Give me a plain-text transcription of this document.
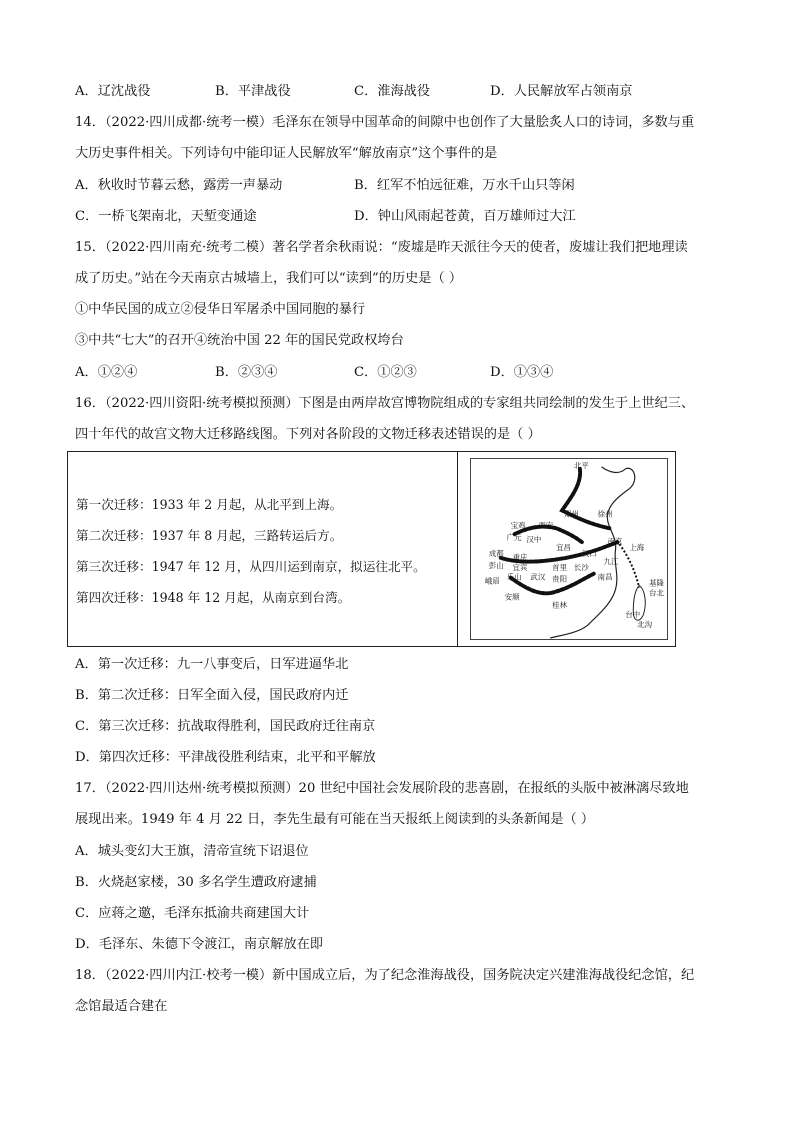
A．辽沈战役	B．平津战役	C．淮海战役	D．人民解放军占领南京
14．（2022·四川成都·统考一模）毛泽东在领导中国革命的间隙中也创作了大量脍炙人口的诗词，多数与重
大历史事件相关。下列诗句中能印证人民解放军“解放南京”这个事件的是
A．秋收时节暮云愁，露雳一声暴动	B．红军不怕远征难，万水千山只等闲
C．一桥飞架南北，天堑变通途	D．钟山风雨起苍黄，百万雄师过大江
15．（2022·四川南充·统考二模）著名学者余秋雨说：“废墟是昨天派往今天的使者，废墟让我们把地理读
成了历史。”站在今天南京古城墙上，我们可以“读到”的历史是（ ）
①中华民国的成立②侵华日军屠杀中国同胞的暴行
③中共“七大”的召开④统治中国 22 年的国民党政权垮台
A．①②④	B．②③④	C．①②③	D．①③④
16．（2022·四川资阳·统考模拟预测）下图是由两岸故宫博物院组成的专家组共同绘制的发生于上世纪三、
四十年代的故宫文物大迁移路线图。下列对各阶段的文物迁移表述错误的是（ ）
第一次迁移：1933 年 2 月起，从北平到上海。
第二次迁移：1937 年 8 月起，三路转运后方。
第三次迁移：1947 年 12 月，从四川运到南京，拟运往北平。
第四次迁移：1948 年 12 月起，从南京到台湾。
北平
郑州	徐州
宝鸡 西安
南京
上海
广元 汉中
宜昌
汉口
成都 重庆	九江
彭山 宜宾
乐山
长沙
武汉
首里
南昌
峨眉	贵阳
安顺
桂林
基隆
台北
台中
北沟
A．第一次迁移：九一八事变后，日军进逼华北
B．第二次迁移：日军全面入侵，国民政府内迁
C．第三次迁移：抗战取得胜利，国民政府迁往南京
D．第四次迁移：平津战役胜利结束，北平和平解放
17．（2022·四川达州·统考模拟预测）20 世纪中国社会发展阶段的悲喜剧，在报纸的头版中被淋漓尽致地
展现出来。1949 年 4 月 22 日，李先生最有可能在当天报纸上阅读到的头条新闻是（ ）
A．城头变幻大王旗，清帝宣统下诏退位
B．火烧赵家楼，30 多名学生遭政府逮捕
C．应蒋之邀，毛泽东抵渝共商建国大计
D．毛泽东、朱德下令渡江，南京解放在即
18．（2022·四川内江·校考一模）新中国成立后，为了纪念淮海战役，国务院决定兴建淮海战役纪念馆，纪
念馆最适合建在
